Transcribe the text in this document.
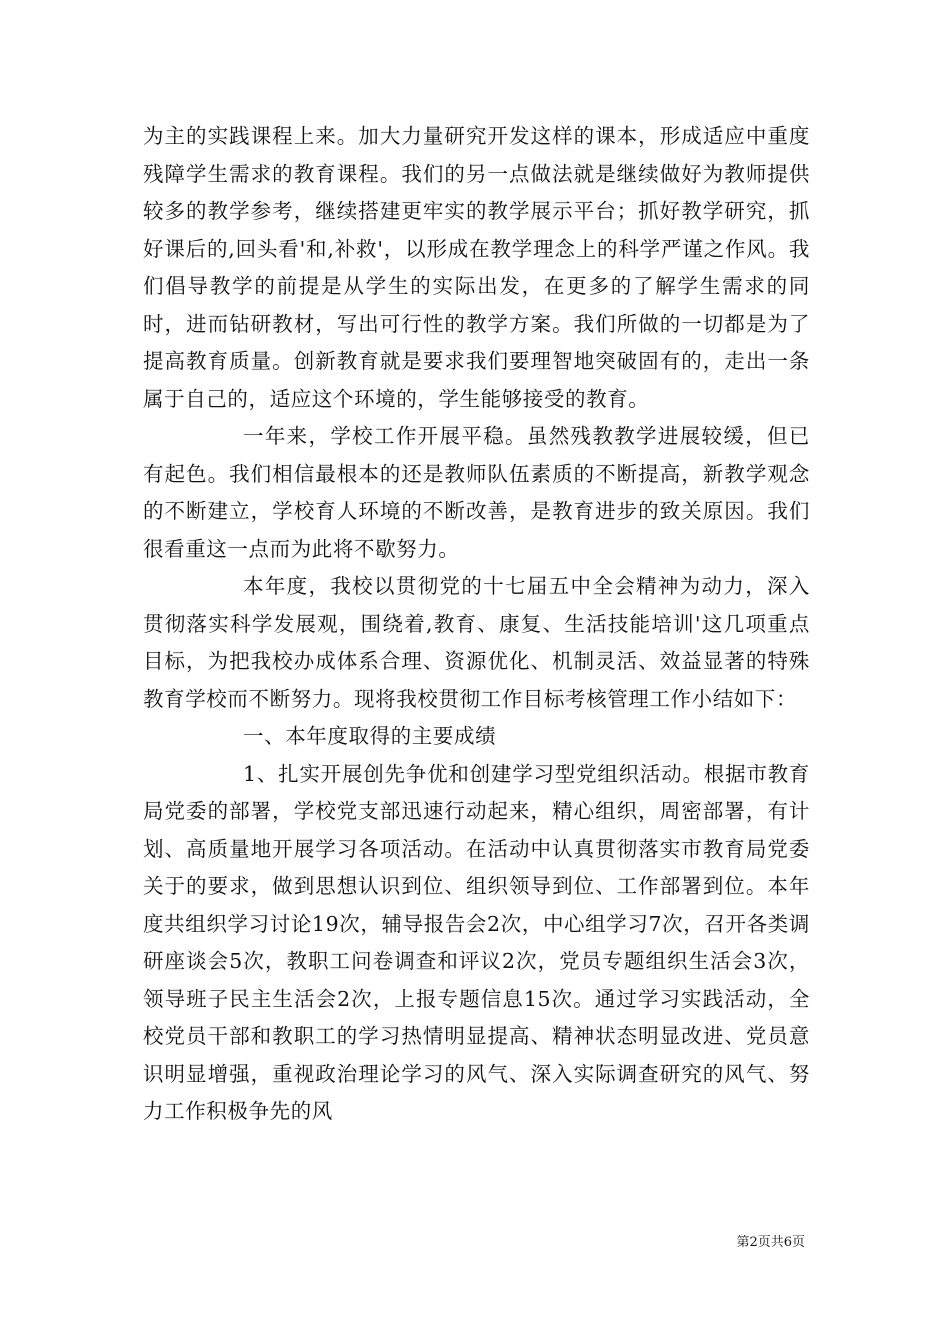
为主的实践课程上来。加大力量研究开发这样的课本，形成适应中重度残障学生需求的教育课程。我们的另一点做法就是继续做好为教师提供较多的教学参考，继续搭建更牢实的教学展示平台；抓好教学研究，抓好课后的,回头看'和,补救'，以形成在教学理念上的科学严谨之作风。我们倡导教学的前提是从学生的实际出发，在更多的了解学生需求的同时，进而钻研教材，写出可行性的教学方案。我们所做的一切都是为了提高教育质量。创新教育就是要求我们要理智地突破固有的，走出一条属于自己的，适应这个环境的，学生能够接受的教育。

一年来，学校工作开展平稳。虽然残教教学进展较缓，但已有起色。我们相信最根本的还是教师队伍素质的不断提高，新教学观念的不断建立，学校育人环境的不断改善，是教育进步的致关原因。我们很看重这一点而为此将不歇努力。

本年度，我校以贯彻党的十七届五中全会精神为动力，深入贯彻落实科学发展观，围绕着,教育、康复、生活技能培训'这几项重点目标，为把我校办成体系合理、资源优化、机制灵活、效益显著的特殊教育学校而不断努力。现将我校贯彻工作目标考核管理工作小结如下：

一、本年度取得的主要成绩

1、扎实开展创先争优和创建学习型党组织活动。根据市教育局党委的部署，学校党支部迅速行动起来，精心组织，周密部署，有计划、高质量地开展学习各项活动。在活动中认真贯彻落实市教育局党委关于的要求，做到思想认识到位、组织领导到位、工作部署到位。本年度共组织学习讨论19次，辅导报告会2次，中心组学习7次，召开各类调研座谈会5次，教职工问卷调查和评议2次，党员专题组织生活会3次，领导班子民主生活会2次，上报专题信息15次。通过学习实践活动，全校党员干部和教职工的学习热情明显提高、精神状态明显改进、党员意识明显增强，重视政治理论学习的风气、深入实际调查研究的风气、努力工作积极争先的风

第2页共6页
